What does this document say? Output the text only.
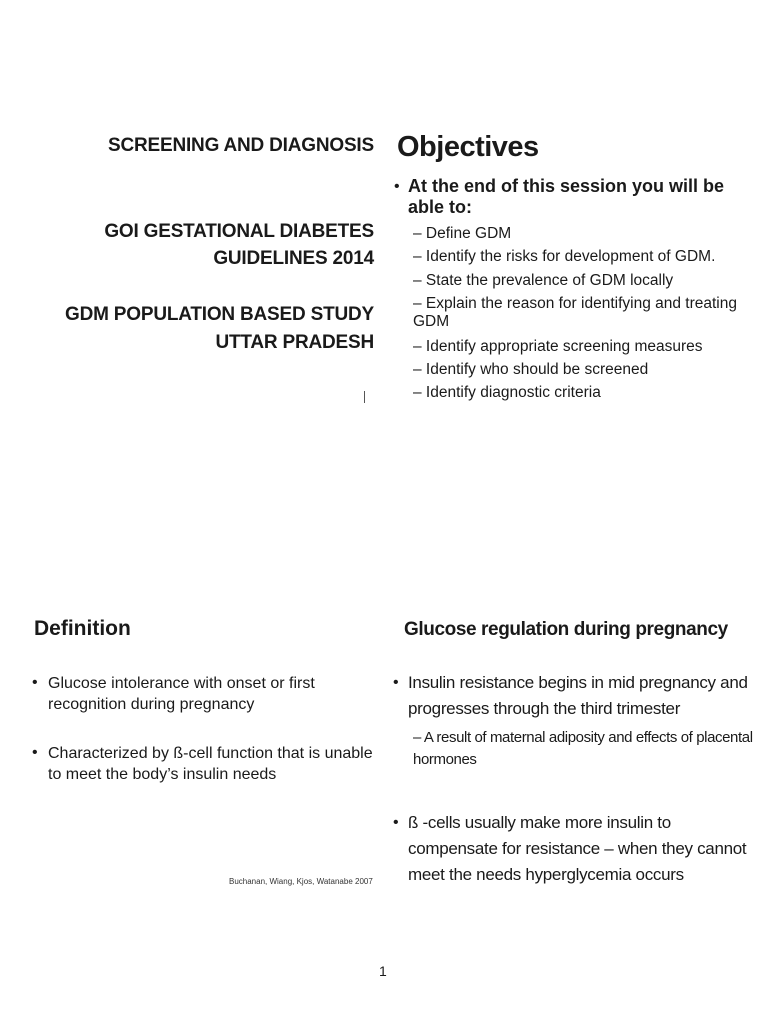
SCREENING AND DIAGNOSIS
GOI GESTATIONAL DIABETES
GUIDELINES 2014
GDM POPULATION BASED STUDY
UTTAR PRADESH
Objectives
• At the end of this session you will be able to:
– Define GDM
– Identify the risks for development of GDM.
– State the prevalence of GDM locally
– Explain the reason for identifying and treating GDM
– Identify appropriate screening measures
– Identify who should be screened
– Identify diagnostic criteria
Definition
• Glucose intolerance with onset or first recognition during pregnancy
• Characterized by ß-cell function that is unable to meet the body’s insulin needs
Buchanan, Wiang, Kjos, Watanabe 2007
Glucose regulation during pregnancy
• Insulin resistance begins in mid pregnancy and progresses through the third trimester
– A result of maternal adiposity and effects of placental hormones
• ß -cells usually make more insulin to compensate for resistance – when they cannot meet the needs hyperglycemia occurs
1
